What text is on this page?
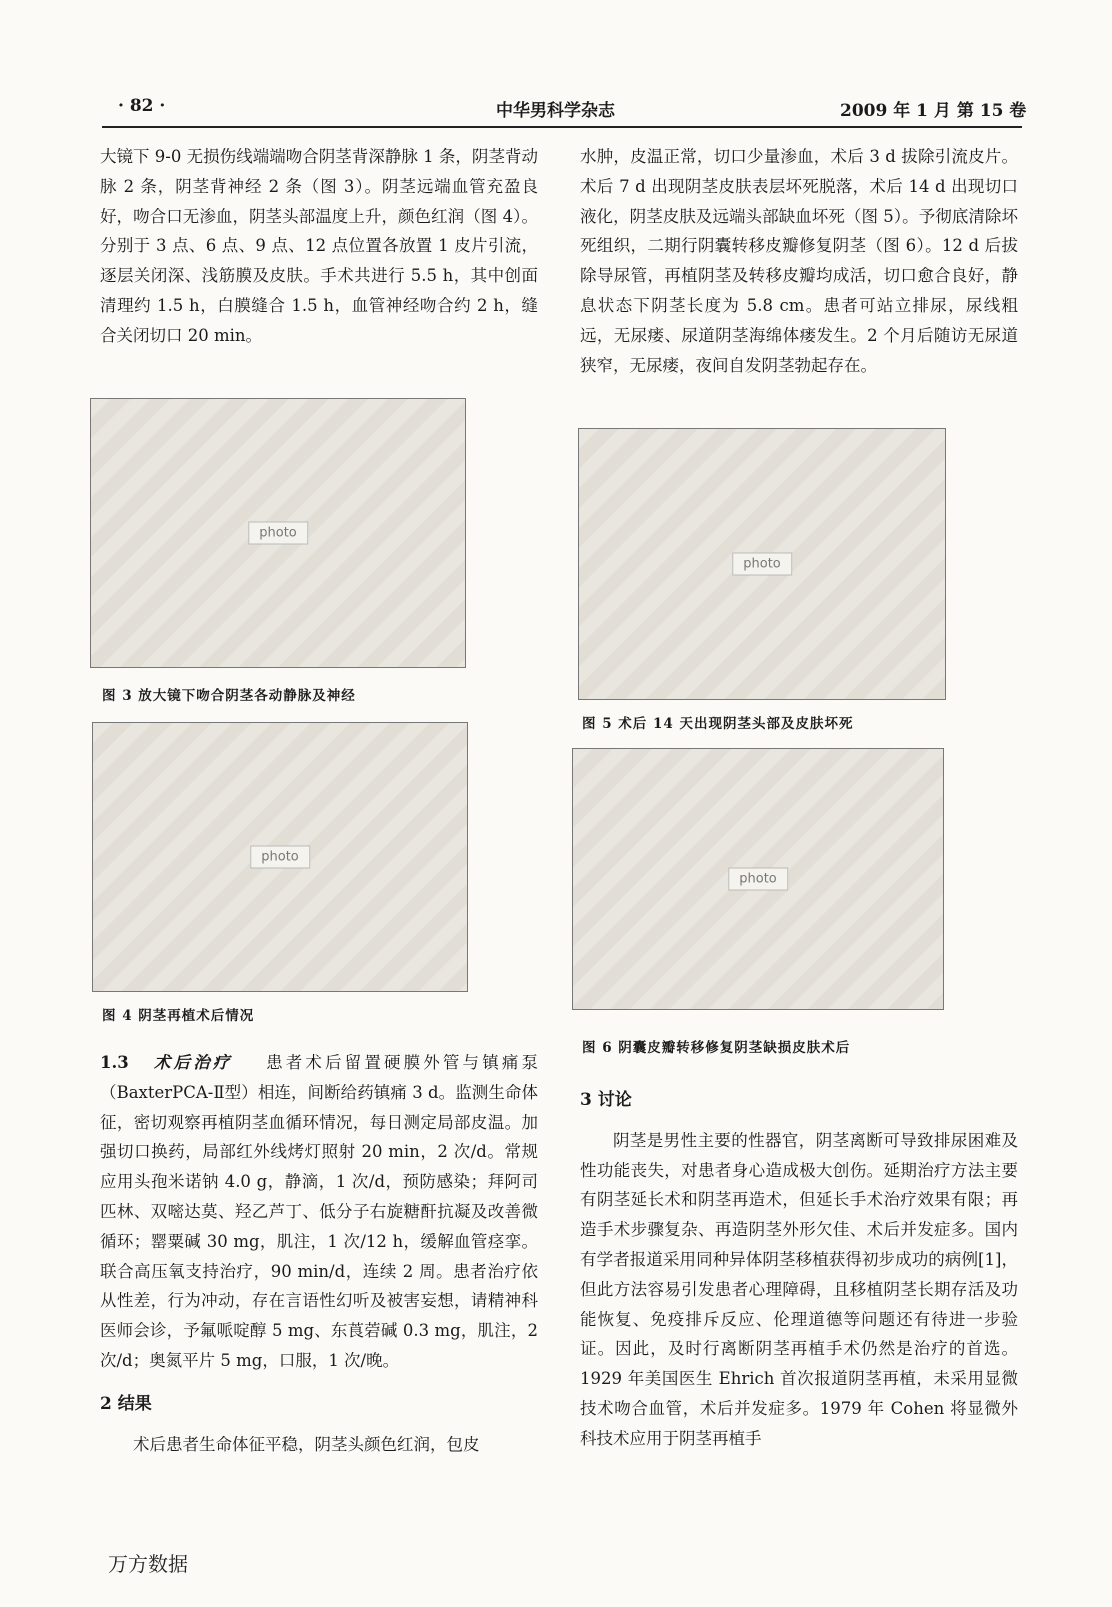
· 82 ·	中华男科学杂志	2009 年 1 月 第 15 卷

大镜下 9-0 无损伤线端端吻合阴茎背深静脉 1 条，阴茎背动脉 2 条，阴茎背神经 2 条（图 3）。阴茎远端血管充盈良好，吻合口无渗血，阴茎头部温度上升，颜色红润（图 4）。分别于 3 点、6 点、9 点、12 点位置各放置 1 皮片引流，逐层关闭深、浅筋膜及皮肤。手术共进行 5.5 h，其中创面清理约 1.5 h，白膜缝合 1.5 h，血管神经吻合约 2 h，缝合关闭切口 20 min。

photo
图 3 放大镜下吻合阴茎各动静脉及神经
photo
图 4 阴茎再植术后情况

1.3 术后治疗 患者术后留置硬膜外管与镇痛泵（BaxterPCA-Ⅱ型）相连，间断给药镇痛 3 d。监测生命体征，密切观察再植阴茎血循环情况，每日测定局部皮温。加强切口换药，局部红外线烤灯照射 20 min，2 次/d。常规应用头孢米诺钠 4.0 g，静滴，1 次/d，预防感染；拜阿司匹林、双嘧达莫、羟乙芦丁、低分子右旋糖酐抗凝及改善微循环；罂粟碱 30 mg，肌注，1 次/12 h，缓解血管痉挛。联合高压氧支持治疗，90 min/d，连续 2 周。患者治疗依从性差，行为冲动，存在言语性幻听及被害妄想，请精神科医师会诊，予氟哌啶醇 5 mg、东莨菪碱 0.3 mg，肌注，2 次/d；奥氮平片 5 mg，口服，1 次/晚。

2 结果

术后患者生命体征平稳，阴茎头颜色红润，包皮

水肿，皮温正常，切口少量渗血，术后 3 d 拔除引流皮片。术后 7 d 出现阴茎皮肤表层坏死脱落，术后 14 d 出现切口液化，阴茎皮肤及远端头部缺血坏死（图 5）。予彻底清除坏死组织，二期行阴囊转移皮瓣修复阴茎（图 6）。12 d 后拔除导尿管，再植阴茎及转移皮瓣均成活，切口愈合良好，静息状态下阴茎长度为 5.8 cm。患者可站立排尿，尿线粗远，无尿瘘、尿道阴茎海绵体瘘发生。2 个月后随访无尿道狭窄，无尿瘘，夜间自发阴茎勃起存在。

photo
图 5 术后 14 天出现阴茎头部及皮肤坏死
photo
图 6 阴囊皮瓣转移修复阴茎缺损皮肤术后

3 讨论

阴茎是男性主要的性器官，阴茎离断可导致排尿困难及性功能丧失，对患者身心造成极大创伤。延期治疗方法主要有阴茎延长术和阴茎再造术，但延长手术治疗效果有限；再造手术步骤复杂、再造阴茎外形欠佳、术后并发症多。国内有学者报道采用同种异体阴茎移植获得初步成功的病例[1]，但此方法容易引发患者心理障碍，且移植阴茎长期存活及功能恢复、免疫排斥反应、伦理道德等问题还有待进一步验证。因此，及时行离断阴茎再植手术仍然是治疗的首选。1929 年美国医生 Ehrich 首次报道阴茎再植，未采用显微技术吻合血管，术后并发症多。1979 年 Cohen 将显微外科技术应用于阴茎再植手

万方数据
